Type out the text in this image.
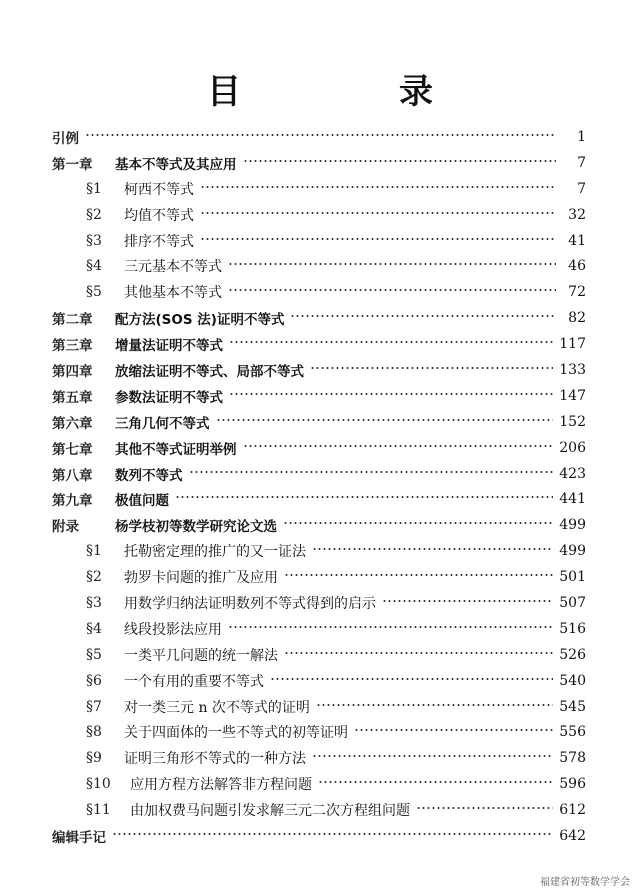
目　录
引例	1
第一章	基本不等式及其应用	7
§1	柯西不等式	7
§2	均值不等式	32
§3	排序不等式	41
§4	三元基本不等式	46
§5	其他基本不等式	72
第二章	配方法(SOS 法)证明不等式	82
第三章	增量法证明不等式	117
第四章	放缩法证明不等式、局部不等式	133
第五章	参数法证明不等式	147
第六章	三角几何不等式	152
第七章	其他不等式证明举例	206
第八章	数列不等式	423
第九章	极值问题	441
附录	杨学枝初等数学研究论文选	499
§1	托勒密定理的推广的又一证法	499
§2	勃罗卡问题的推广及应用	501
§3	用数学归纳法证明数列不等式得到的启示	507
§4	线段投影法应用	516
§5	一类平几问题的统一解法	526
§6	一个有用的重要不等式	540
§7	对一类三元 n 次不等式的证明	545
§8	关于四面体的一些不等式的初等证明	556
§9	证明三角形不等式的一种方法	578
§10	应用方程方法解答非方程问题	596
§11	由加权费马问题引发求解三元二次方程组问题	612
编辑手记	642
福建省初等数学学会
